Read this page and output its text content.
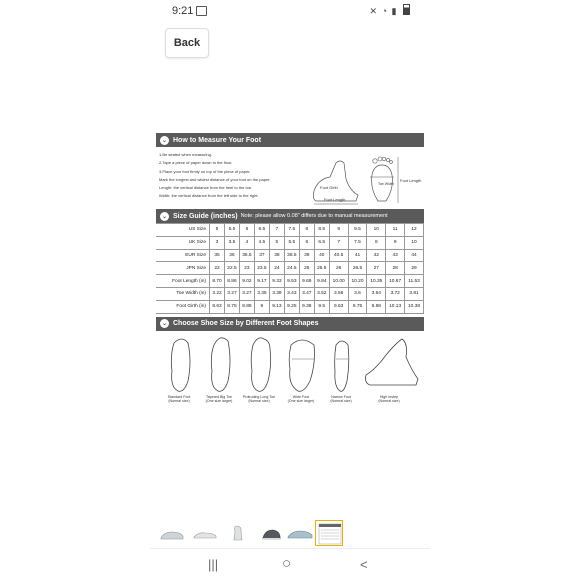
9:21	✕ ◔ ▮
Back
⌄ How to Measure Your Foot
1.Be seated when measuring.
2.Tape a piece of paper down to the floor.
3.Place your foot firmly on top of the piece of paper.
Mark the longest and widest distance of your foot on the paper.
Length: the vertical distance from the heel to the toe.
Width: the vertical distance from the left side to the right.
Foot Girth
Foot Length
Toe Width
Foot Length
⌄ Size Guide (inches) Note: please allow 0.08" differs due to manual measurement
US Size	5	5.5	6	6.5	7	7.5	8	8.5	9	9.5	10	11	12
UK Size	3	3.5	4	4.5	5	5.5	6	6.5	7	7.5	8	9	10
EUR Size	35	36	36.5	37	38	38.5	39	40	40.5	41	42	43	44
JPN Size	22	22.5	23	23.5	24	24.5	25	25.5	26	26.5	27	28	29
Foot Length (in)	8.70	8.86	9.02	9.17	9.33	9.53	9.69	9.84	10.00	10.20	10.35	10.67	11.53
Toe Width (in)	3.22	3.27	3.27	3.35	3.39	3.43	3.47	3.52	3.56	3.6	3.64	3.72	3.81
Foot Girth (in)	8.63	8.75	8.88	9	9.13	9.25	9.38	9.5	9.63	9.75	9.88	10.13	10.38
⌄ Choose Shoe Size by Different Foot Shapes
Standard Foot
(Normal size)
Tapered Big Toe
(One size larger)
Protruding Long Toe
(Normal size)
Wide Foot
(One size larger)
Narrow Foot
(Normal size)
High Instep
(Normal size)
|||	○	<
